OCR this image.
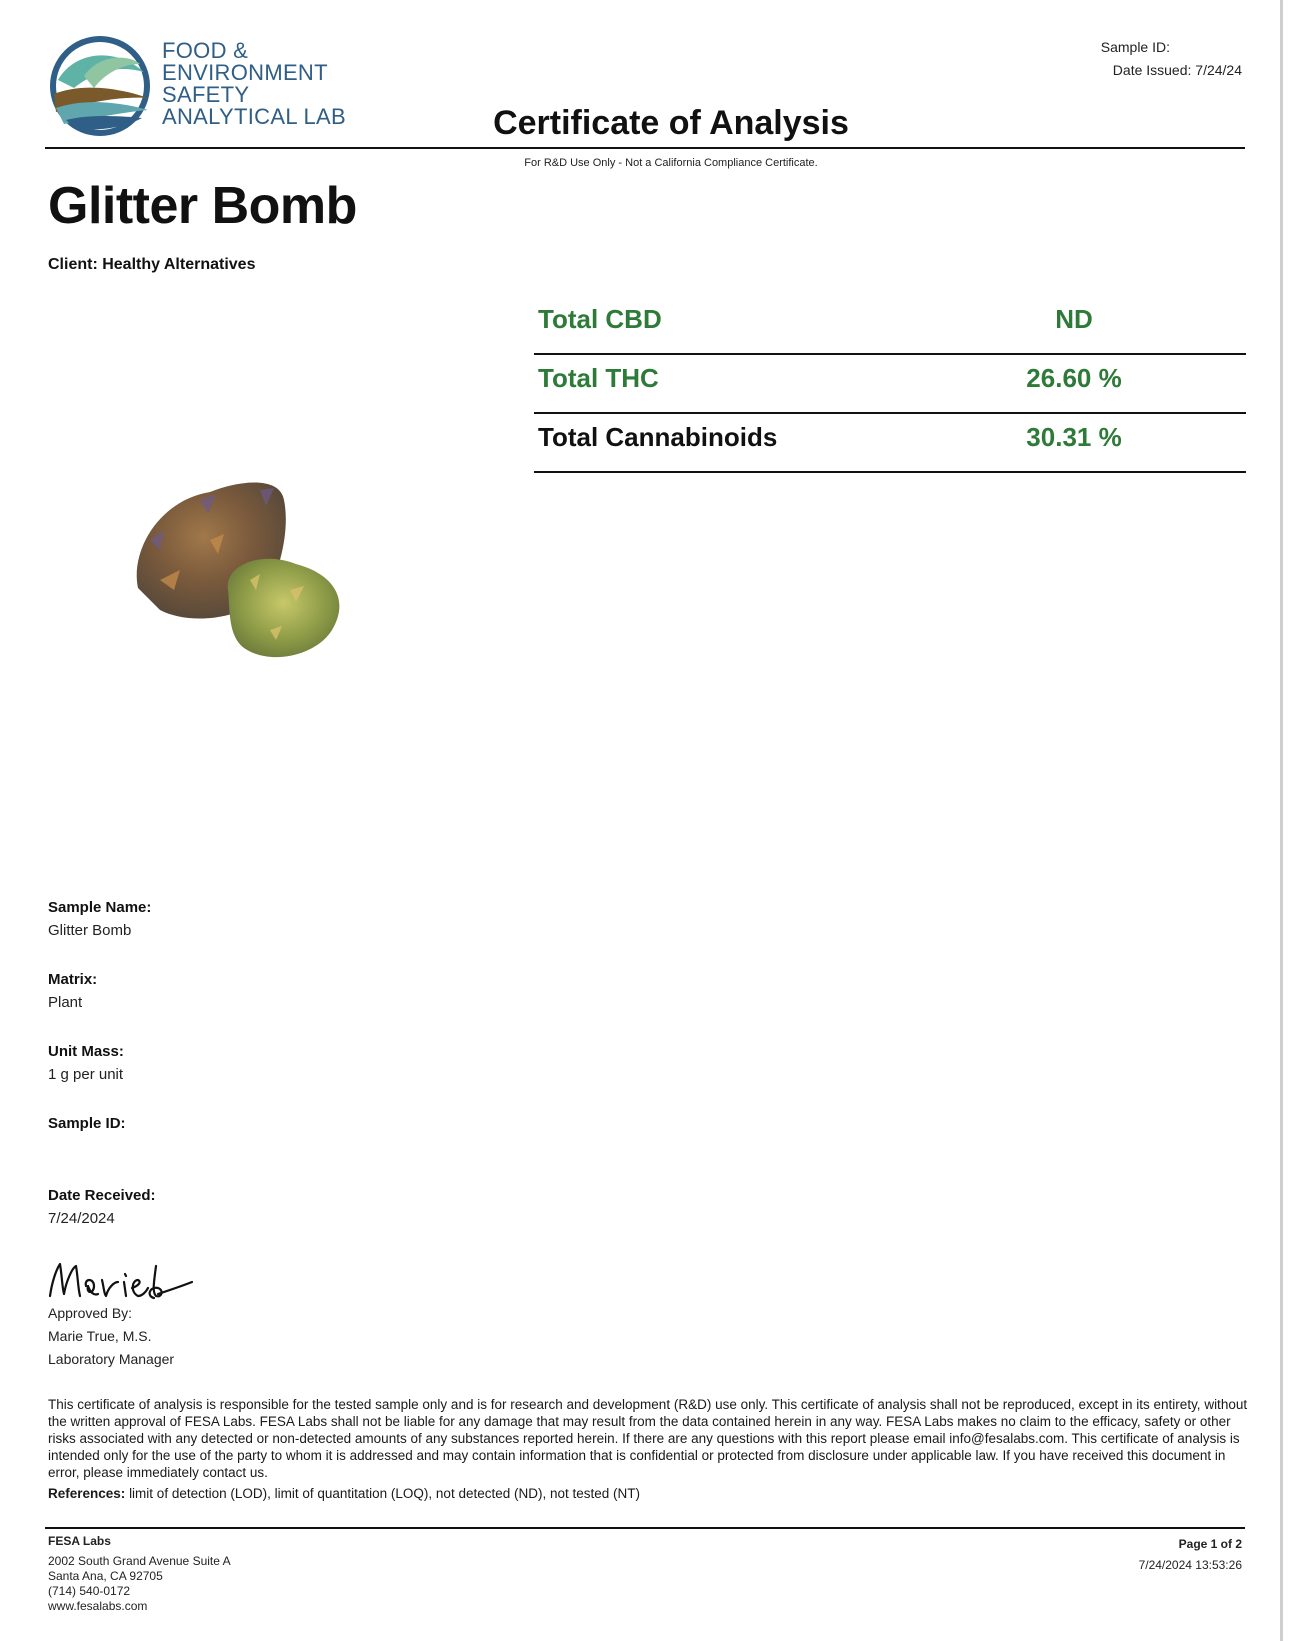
FOOD &
ENVIRONMENT
SAFETY
ANALYTICAL LAB
Sample ID:
Date Issued: 7/24/24
Certificate of Analysis
For R&D Use Only - Not a California Compliance Certificate.
Glitter Bomb
Client: Healthy Alternatives
Total CBD	ND
Total THC	26.60 %
Total Cannabinoids	30.31 %
Sample Name:
Glitter Bomb
Matrix:
Plant
Unit Mass:
1 g per unit
Sample ID:
Date Received:
7/24/2024
Approved By:
Marie True, M.S.
Laboratory Manager
This certificate of analysis is responsible for the tested sample only and is for research and development (R&D) use only. This certificate of analysis shall not be reproduced, except in its entirety, without the written approval of FESA Labs. FESA Labs shall not be liable for any damage that may result from the data contained herein in any way. FESA Labs makes no claim to the efficacy, safety or other risks associated with any detected or non-detected amounts of any substances reported herein. If there are any questions with this report please email info@fesalabs.com. This certificate of analysis is intended only for the use of the party to whom it is addressed and may contain information that is confidential or protected from disclosure under applicable law. If you have received this document in error, please immediately contact us.
References: limit of detection (LOD), limit of quantitation (LOQ), not detected (ND), not tested (NT)
FESA Labs
2002 South Grand Avenue Suite A
Santa Ana, CA 92705
(714) 540-0172
www.fesalabs.com
Page 1 of 2
7/24/2024 13:53:26
